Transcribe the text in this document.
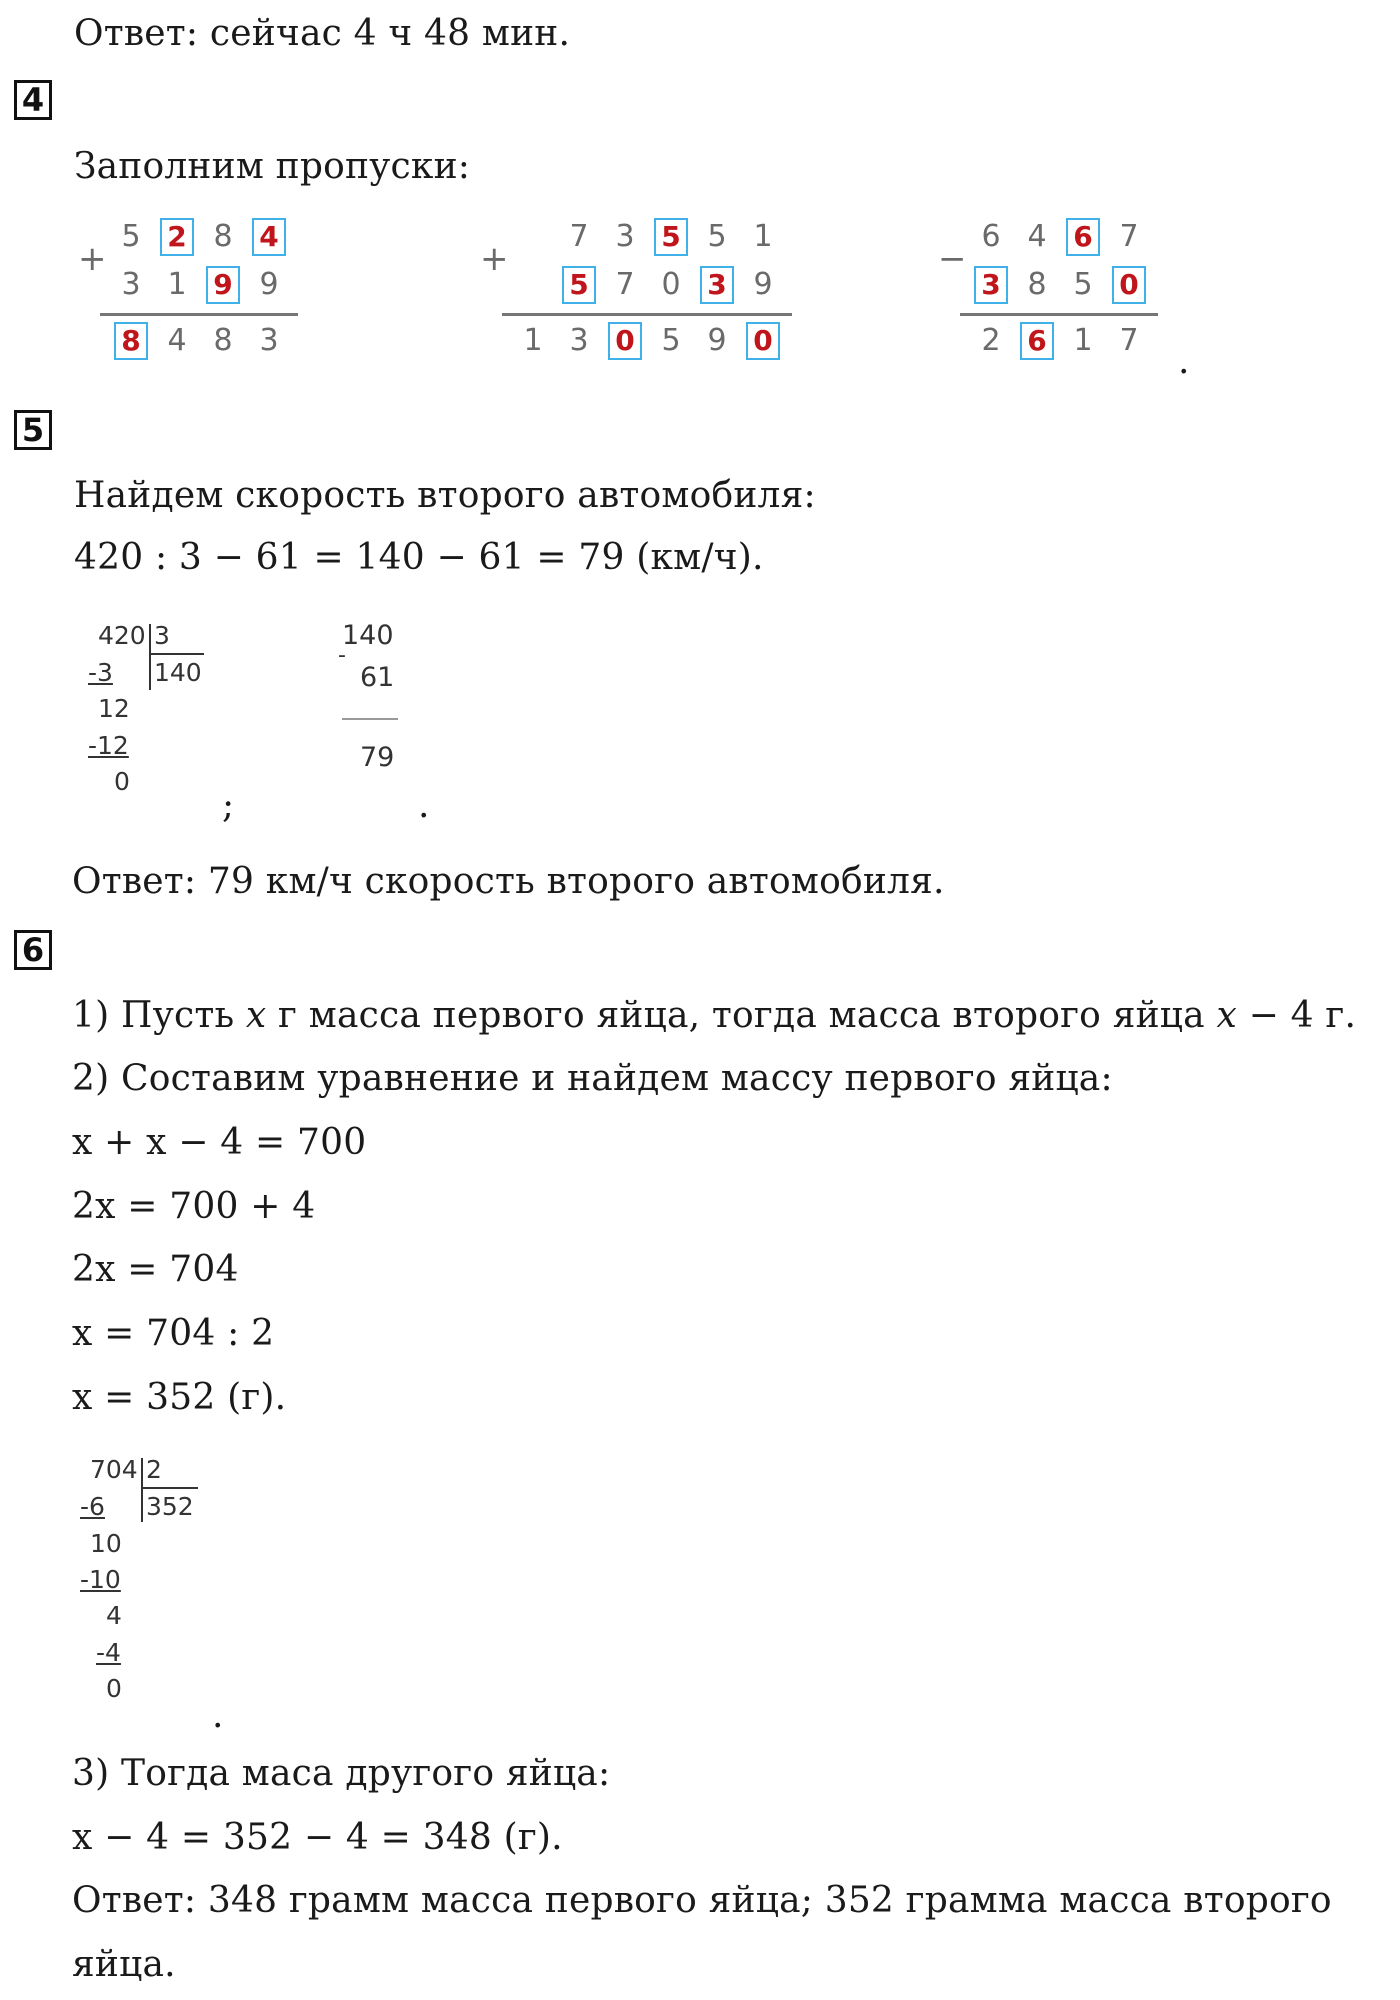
Ответ: сейчас 4 ч 48 мин.
4
Заполним пропуски:
+
5 2 8 4
3 1 9 9
8 4 8 3
+
7 3 5 5 1
5 7 0 3 9
1 3 0 5 9 0
−
6 4 6 7
3 8 5 0
2 6 1 7
.
5
Найдем скорость второго автомобиля:
420 : 3 − 61 = 140 − 61 = 79 (км/ч).
420 3
140
-3
12
-12
0
;
140
-
61
79
.
Ответ: 79 км/ч скорость второго автомобиля.
6
1) Пусть x г масса первого яйца, тогда масса второго яйца x − 4 г.
2) Составим уравнение и найдем массу первого яйца:
x + x − 4 = 700
2x = 700 + 4
2x = 704
x = 704 : 2
x = 352 (г).
704 2
352
-6
10
-10
4
-4
0
.
3) Тогда маса другого яйца:
x − 4 = 352 − 4 = 348 (г).
Ответ: 348 грамм масса первого яйца; 352 грамма масса второго
яйца.
